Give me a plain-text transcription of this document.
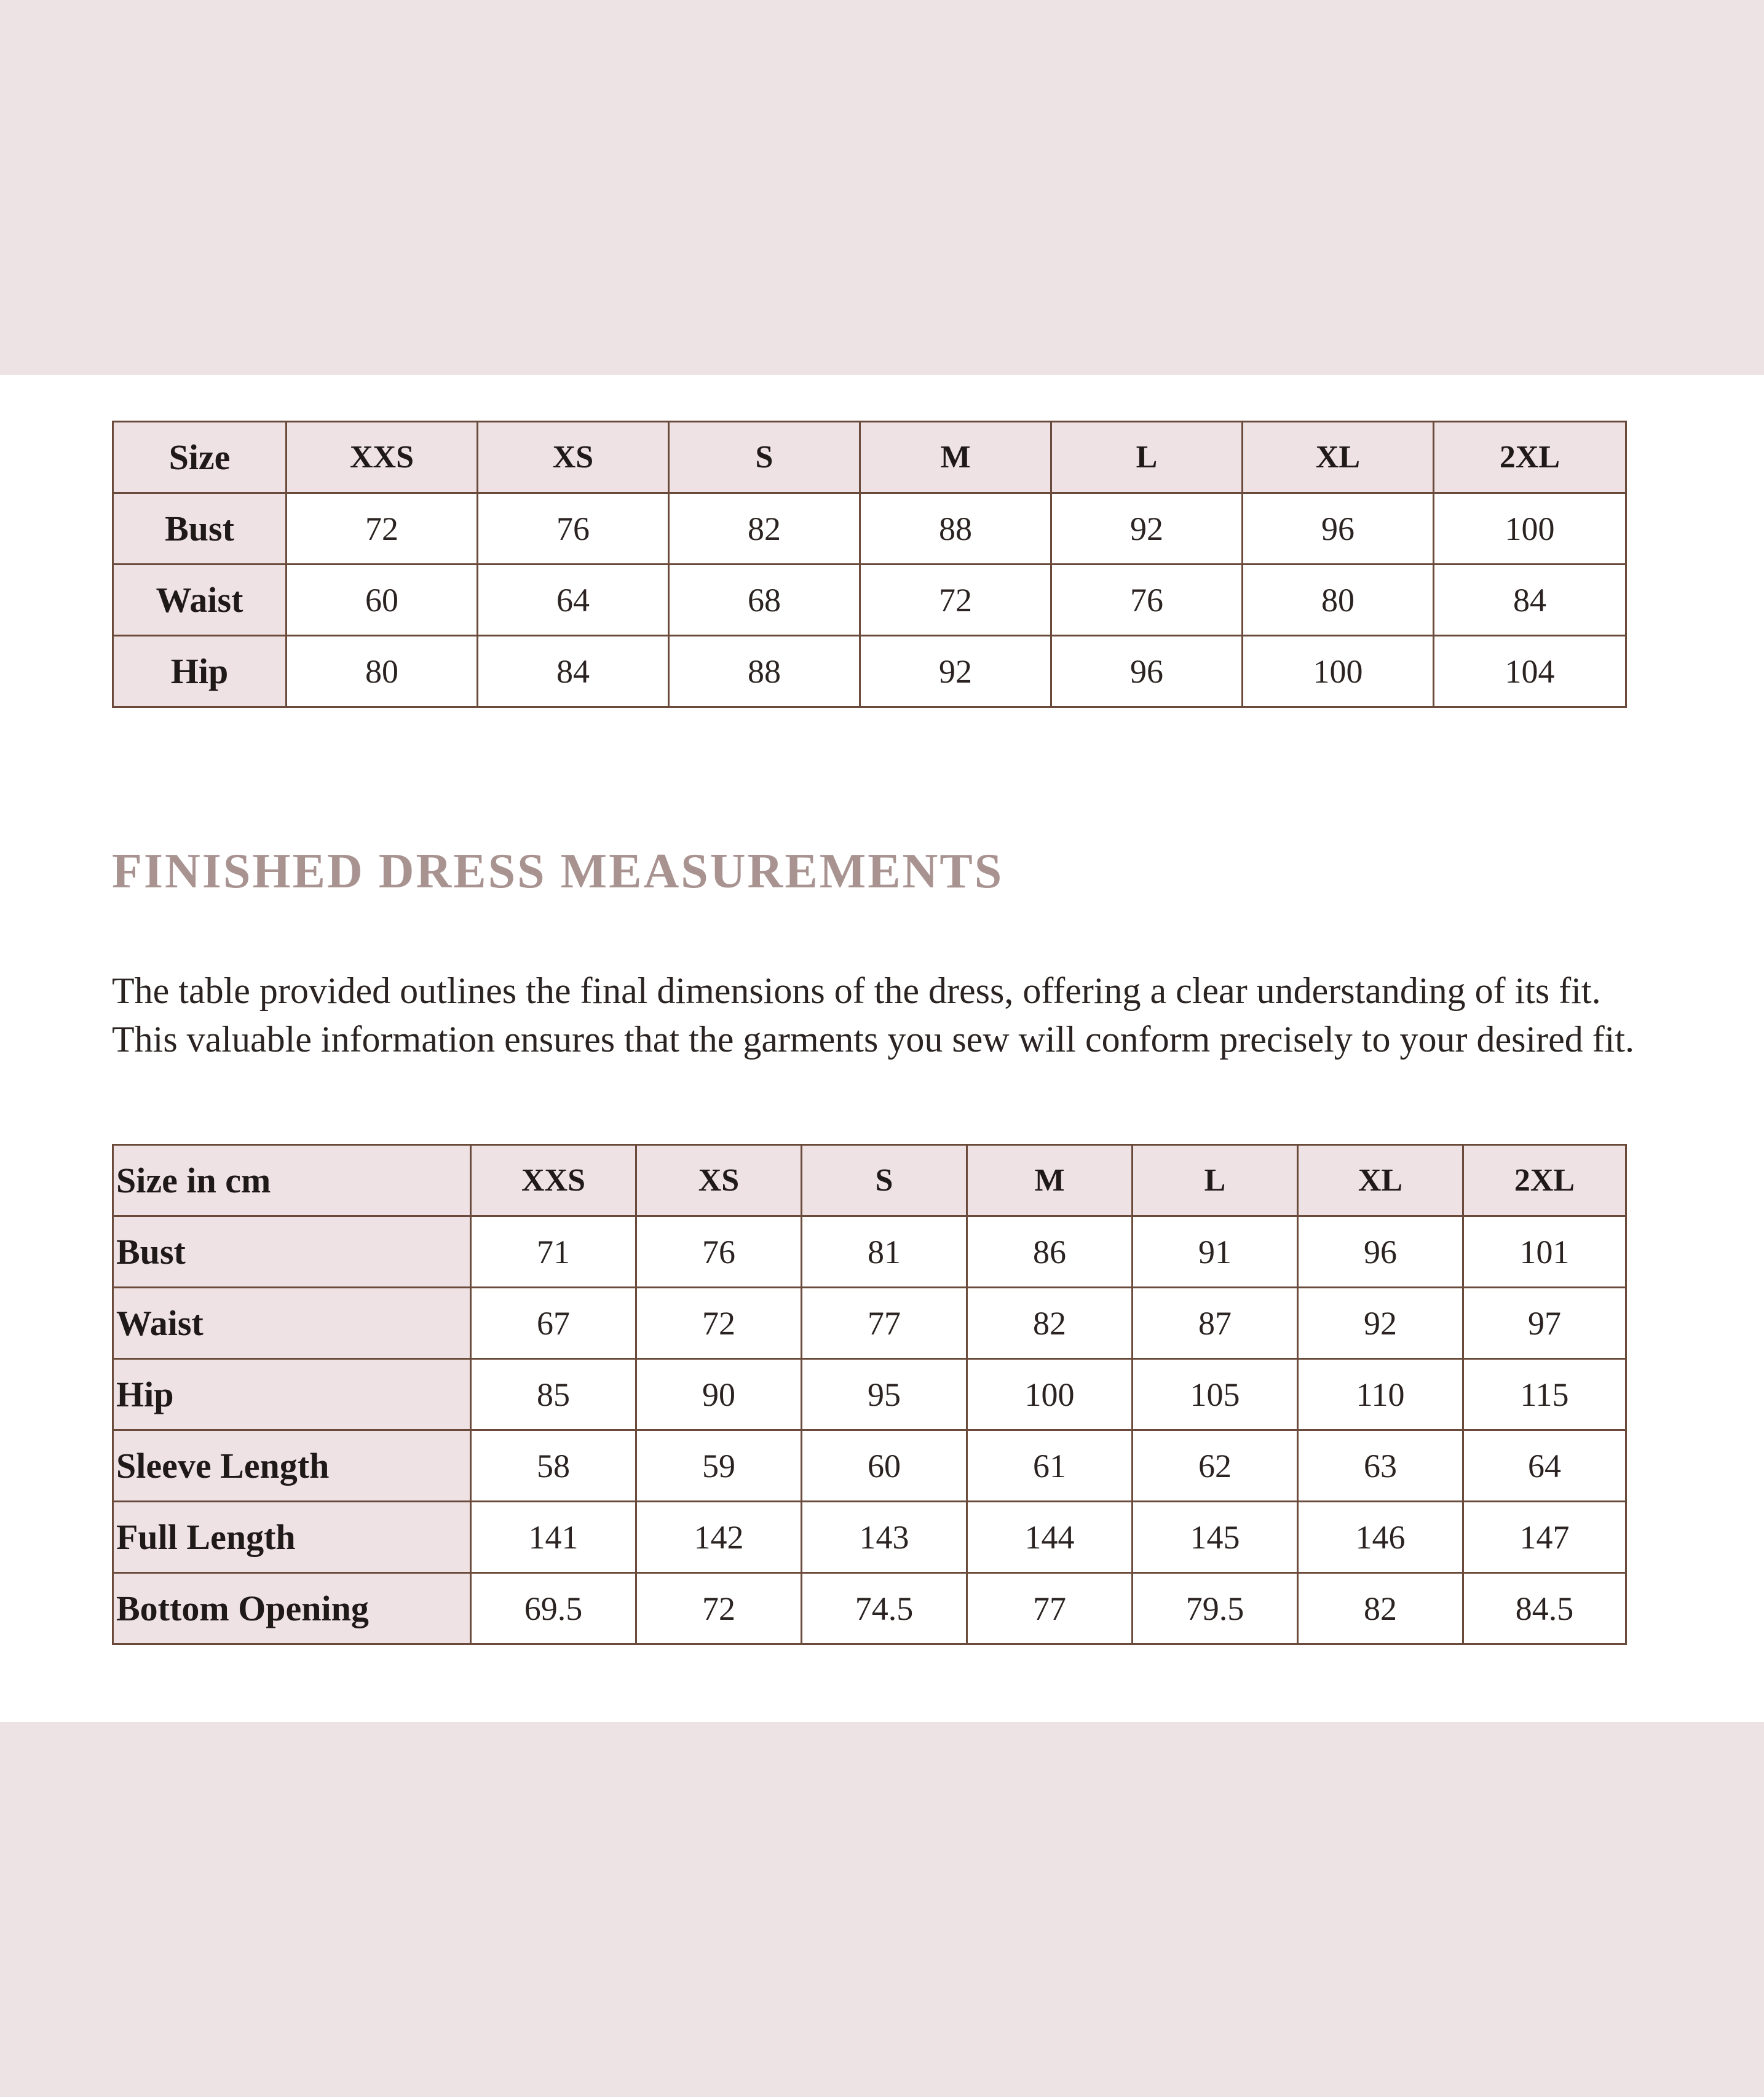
Size	XXS	XS	S	M	L	XL	2XL
Bust	72	76	82	88	92	96	100
Waist	60	64	68	72	76	80	84
Hip	80	84	88	92	96	100	104
FINISHED DRESS MEASUREMENTS

The table provided outlines the final dimensions of the dress, offering a clear understanding of its fit. This valuable information ensures that the garments you sew will conform precisely to your desired fit.

Size in cm	XXS	XS	S	M	L	XL	2XL
Bust	71	76	81	86	91	96	101
Waist	67	72	77	82	87	92	97
Hip	85	90	95	100	105	110	115
Sleeve Length	58	59	60	61	62	63	64
Full Length	141	142	143	144	145	146	147
Bottom Opening	69.5	72	74.5	77	79.5	82	84.5
